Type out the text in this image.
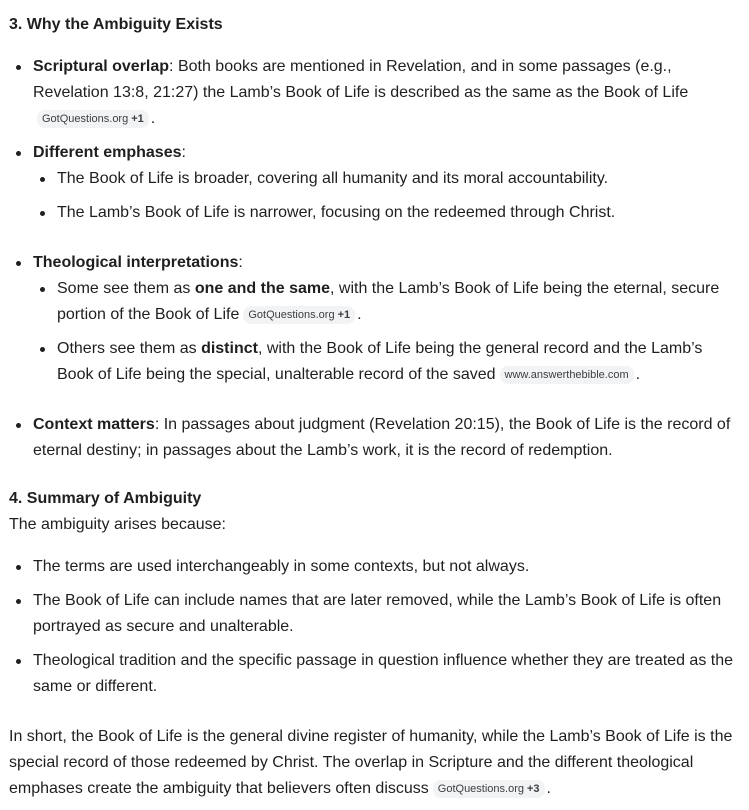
3. Why the Ambiguity Exists
Scriptural overlap: Both books are mentioned in Revelation, and in some passages (e.g., Revelation 13:8, 21:27) the Lamb’s Book of Life is described as the same as the Book of LifeGotQuestions.org +1 .
Different emphases:
The Book of Life is broader, covering all humanity and its moral accountability.
The Lamb’s Book of Life is narrower, focusing on the redeemed through Christ.
Theological interpretations:
Some see them as one and the same, with the Lamb’s Book of Life being the eternal, secure portion of the Book of Life GotQuestions.org +1 .
Others see them as distinct, with the Book of Life being the general record and the Lamb’s Book of Life being the special, unalterable record of the saved www.answerthebible.com .
Context matters: In passages about judgment (Revelation 20:15), the Book of Life is the record of eternal destiny; in passages about the Lamb’s work, it is the record of redemption.
4. Summary of Ambiguity

The ambiguity arises because:

The terms are used interchangeably in some contexts, but not always.
The Book of Life can include names that are later removed, while the Lamb’s Book of Life is often portrayed as secure and unalterable.
Theological tradition and the specific passage in question influence whether they are treated as the same or different.

In short, the Book of Life is the general divine register of humanity, while the Lamb’s Book of Life is the special record of those redeemed by Christ. The overlap in Scripture and the different theological emphases create the ambiguity that believers often discuss GotQuestions.org +3 .
